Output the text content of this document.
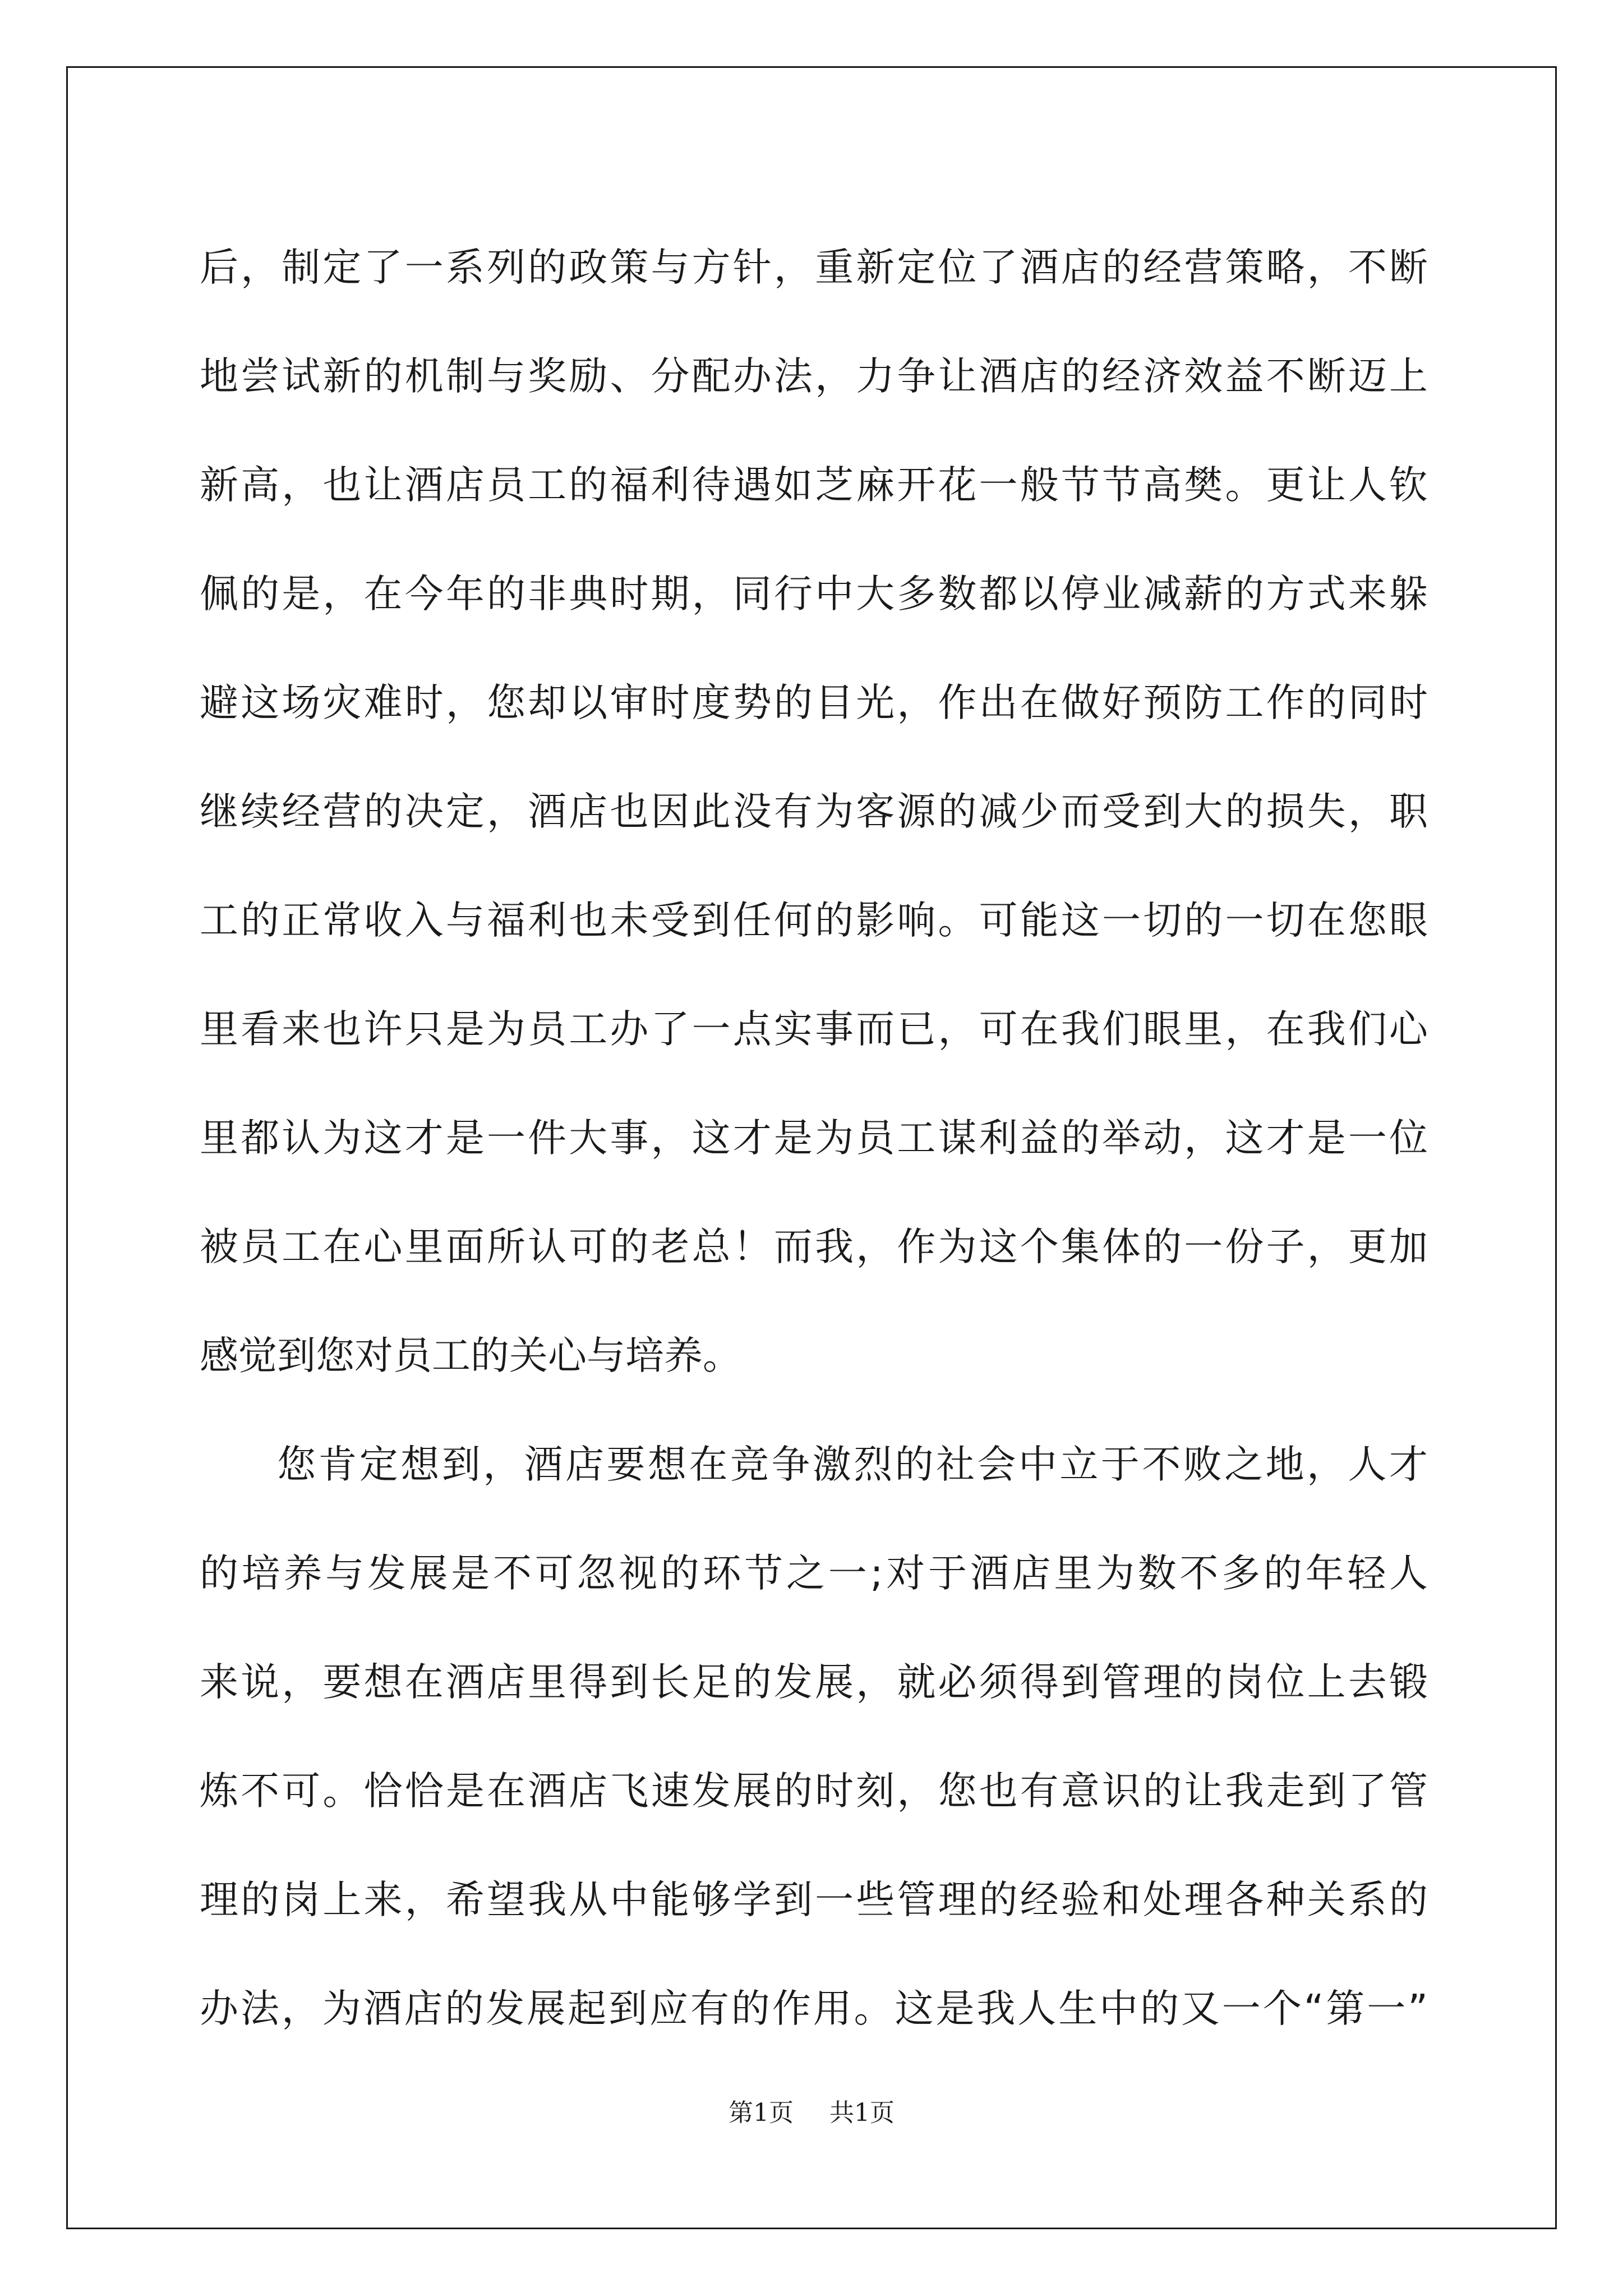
后，制定了一系列的政策与方针，重新定位了酒店的经营策略，不断
地尝试新的机制与奖励、分配办法，力争让酒店的经济效益不断迈上
新高，也让酒店员工的福利待遇如芝麻开花一般节节高樊。更让人钦
佩的是，在今年的非典时期，同行中大多数都以停业减薪的方式来躲
避这场灾难时，您却以审时度势的目光，作出在做好预防工作的同时
继续经营的决定，酒店也因此没有为客源的减少而受到大的损失，职
工的正常收入与福利也未受到任何的影响。可能这一切的一切在您眼
里看来也许只是为员工办了一点实事而已，可在我们眼里，在我们心
里都认为这才是一件大事，这才是为员工谋利益的举动，这才是一位
被员工在心里面所认可的老总！而我，作为这个集体的一份子，更加
感觉到您对员工的关心与培养。
您肯定想到，酒店要想在竞争激烈的社会中立于不败之地，人才
的培养与发展是不可忽视的环节之一;对于酒店里为数不多的年轻人
来说，要想在酒店里得到长足的发展，就必须得到管理的岗位上去锻
炼不可。恰恰是在酒店飞速发展的时刻，您也有意识的让我走到了管
理的岗上来，希望我从中能够学到一些管理的经验和处理各种关系的
办法，为酒店的发展起到应有的作用。这是我人生中的又一个“第一”
第1页 共1页
